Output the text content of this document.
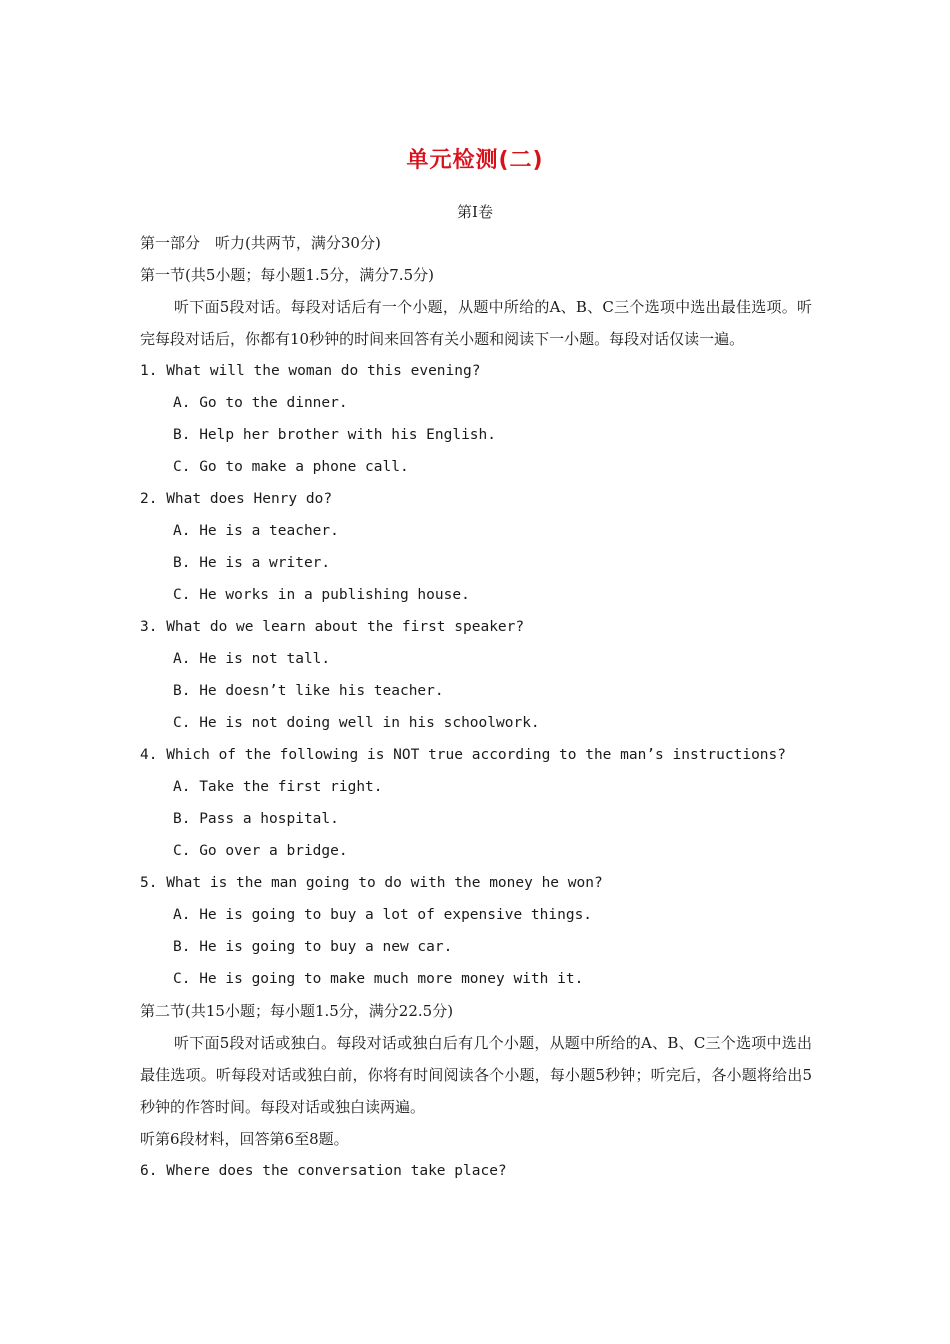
单元检测(二)
第Ⅰ卷
第一部分　听力(共两节，满分30分)
第一节(共5小题；每小题1.5分，满分7.5分)

听下面5段对话。每段对话后有一个小题，从题中所给的A、B、C三个选项中选出最佳选项。听完每段对话后，你都有10秒钟的时间来回答有关小题和阅读下一小题。每段对话仅读一遍。

1. What will the woman do this evening?
A. Go to the dinner.
B. Help her brother with his English.
C. Go to make a phone call.
2. What does Henry do?
A. He is a teacher.
B. He is a writer.
C. He works in a publishing house.
3. What do we learn about the first speaker?
A. He is not tall.
B. He doesn’t like his teacher.
C. He is not doing well in his schoolwork.
4. Which of the following is NOT true according to the man’s instructions?
A. Take the first right.
B. Pass a hospital.
C. Go over a bridge.
5. What is the man going to do with the money he won?
A. He is going to buy a lot of expensive things.
B. He is going to buy a new car.
C. He is going to make much more money with it.
第二节(共15小题；每小题1.5分，满分22.5分)

听下面5段对话或独白。每段对话或独白后有几个小题，从题中所给的A、B、C三个选项中选出最佳选项。听每段对话或独白前，你将有时间阅读各个小题，每小题5秒钟；听完后，各小题将给出5秒钟的作答时间。每段对话或独白读两遍。

听第6段材料，回答第6至8题。
6. Where does the conversation take place?
